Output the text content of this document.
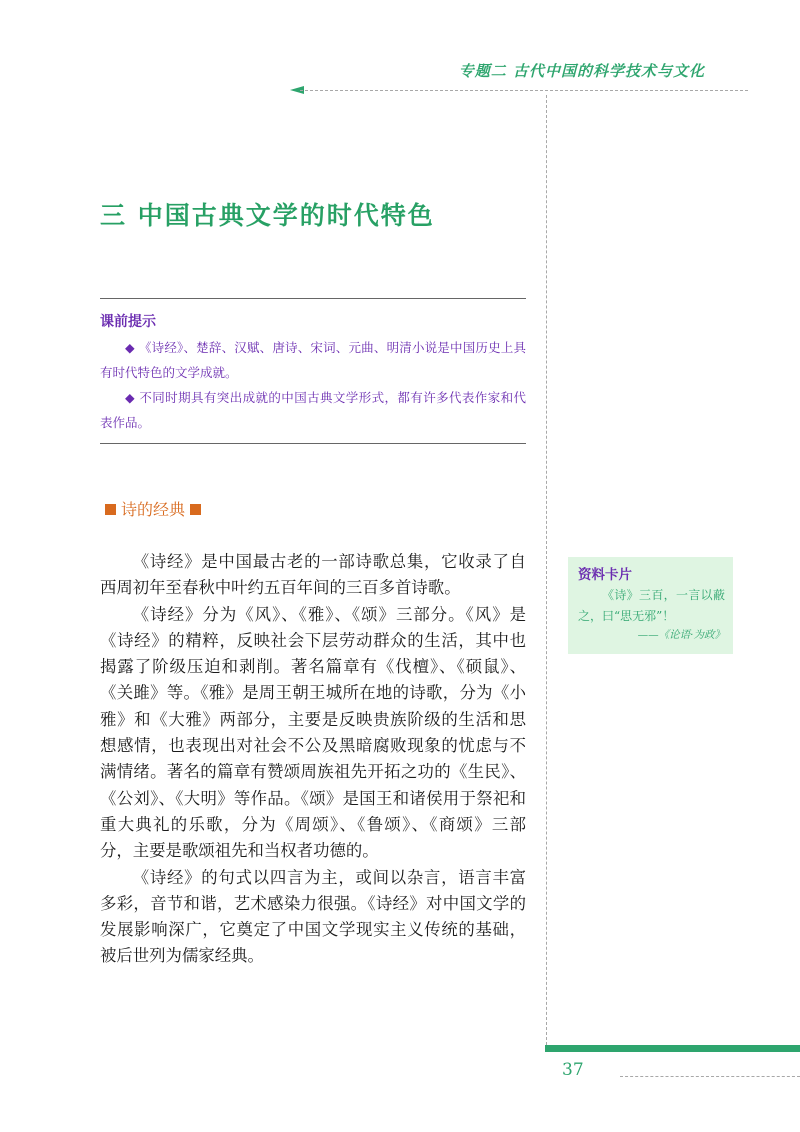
专题二 古代中国的科学技术与文化
三 中国古典文学的时代特色

课前提示

◆ 《诗经》、楚辞、汉赋、唐诗、宋词、元曲、明清小说是中国历史上具有时代特色的文学成就。

◆ 不同时期具有突出成就的中国古典文学形式，都有许多代表作家和代表作品。

诗的经典

《诗经》是中国最古老的一部诗歌总集，它收录了自西周初年至春秋中叶约五百年间的三百多首诗歌。

《诗经》分为《风》、《雅》、《颂》三部分。《风》是《诗经》的精粹，反映社会下层劳动群众的生活，其中也揭露了阶级压迫和剥削。著名篇章有《伐檀》、《硕鼠》、《关雎》等。《雅》是周王朝王城所在地的诗歌，分为《小雅》和《大雅》两部分，主要是反映贵族阶级的生活和思想感情，也表现出对社会不公及黑暗腐败现象的忧虑与不满情绪。著名的篇章有赞颂周族祖先开拓之功的《生民》、《公刘》、《大明》等作品。《颂》是国王和诸侯用于祭祀和重大典礼的乐歌，分为《周颂》、《鲁颂》、《商颂》三部分，主要是歌颂祖先和当权者功德的。

《诗经》的句式以四言为主，或间以杂言，语言丰富多彩，音节和谐，艺术感染力很强。《诗经》对中国文学的发展影响深广，它奠定了中国文学现实主义传统的基础，被后世列为儒家经典。

资料卡片

《诗》三百，一言以蔽之，曰“思无邪”！

——《论语·为政》

37
